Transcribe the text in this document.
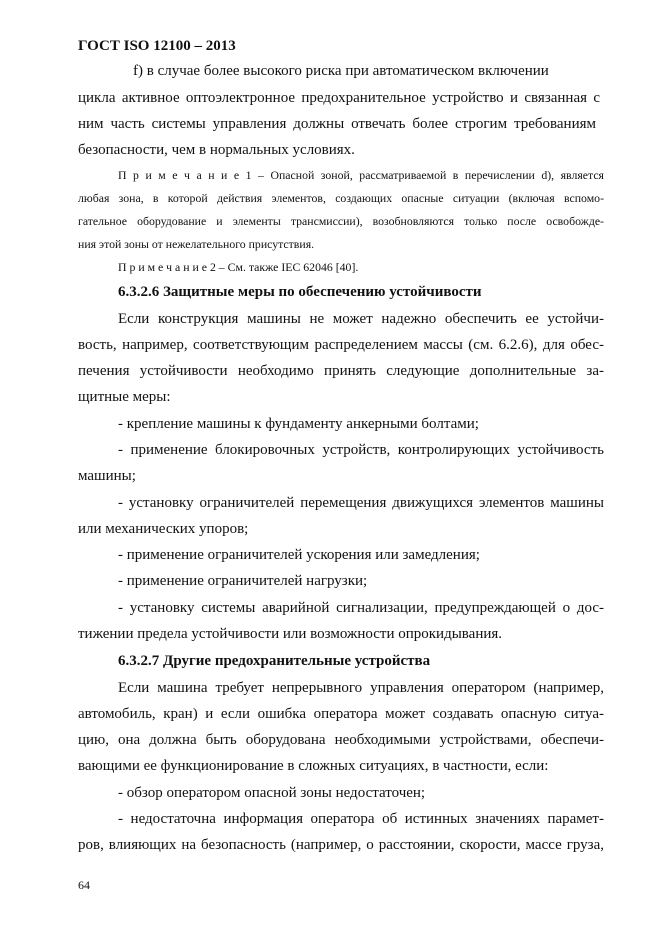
ГОСТ ISO 12100 – 2013
f) в случае более высокого риска при автоматическом включении
цикла активное оптоэлектронное предохранительное устройство и связанная с
ним часть системы управления должны отвечать более строгим требованиям
безопасности, чем в нормальных условиях.
П р и м е ч а н и е 1 – Опасной зоной, рассматриваемой в перечислении d), является
любая зона, в которой действия элементов, создающих опасные ситуации (включая вспомо-
гательное оборудование и элементы трансмиссии), возобновляются только после освобожде-
ния этой зоны от нежелательного присутствия.
П р и м е ч а н и е 2 – См. также IEC 62046 [40].
6.3.2.6 Защитные меры по обеспечению устойчивости
Если конструкция машины не может надежно обеспечить ее устойчи-
вость, например, соответствующим распределением массы (см. 6.2.6), для обес-
печения устойчивости необходимо принять следующие дополнительные за-
щитные меры:
- крепление машины к фундаменту анкерными болтами;
- применение блокировочных устройств, контролирующих устойчивость
машины;
- установку ограничителей перемещения движущихся элементов машины
или механических упоров;
- применение ограничителей ускорения или замедления;
- применение ограничителей нагрузки;
- установку системы аварийной сигнализации, предупреждающей о дос-
тижении предела устойчивости или возможности опрокидывания.
6.3.2.7 Другие предохранительные устройства
Если машина требует непрерывного управления оператором (например,
автомобиль, кран) и если ошибка оператора может создавать опасную ситуа-
цию, она должна быть оборудована необходимыми устройствами, обеспечи-
вающими ее функционирование в сложных ситуациях, в частности, если:
- обзор оператором опасной зоны недостаточен;
- недостаточна информация оператора об истинных значениях парамет-
ров, влияющих на безопасность (например, о расстоянии, скорости, массе груза,
64
